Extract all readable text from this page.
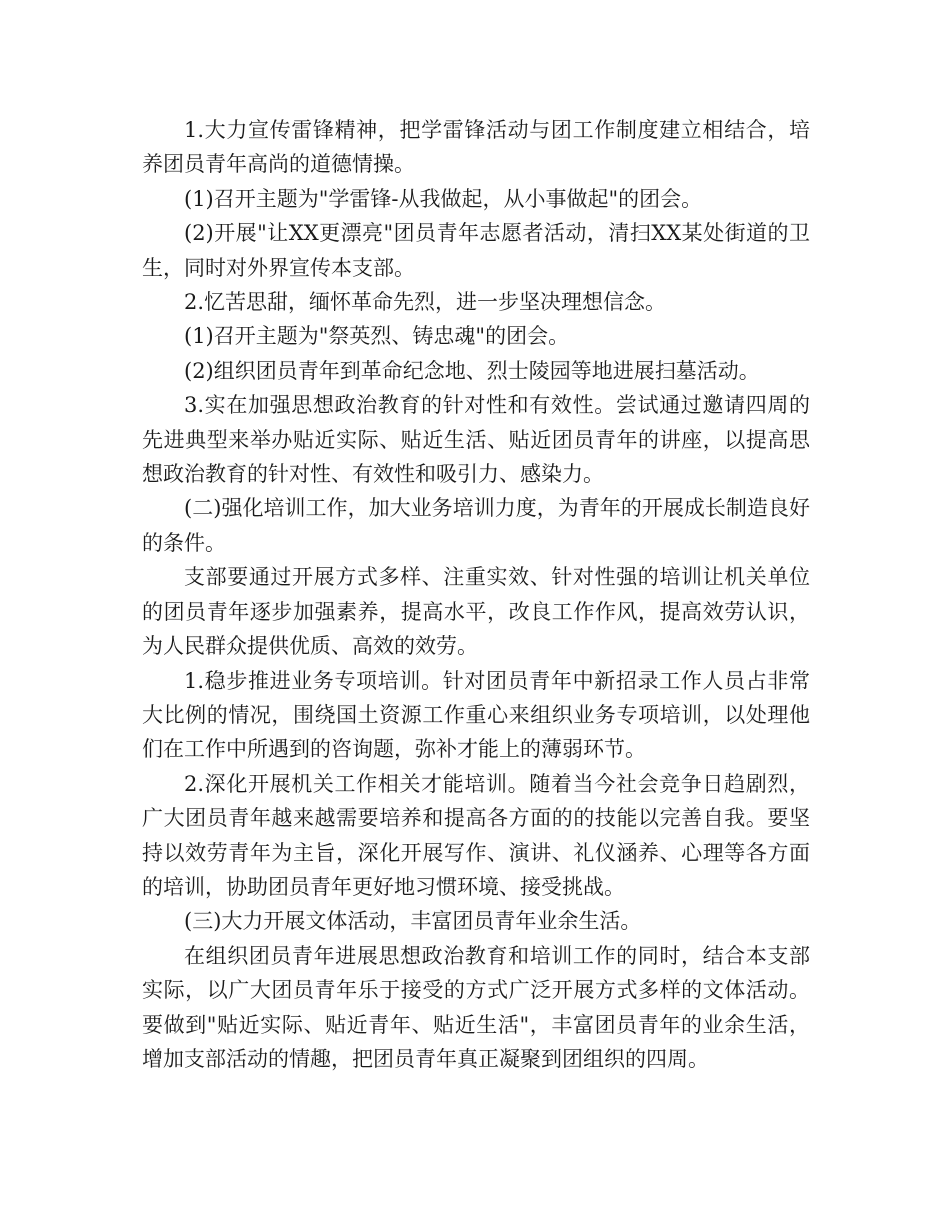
1.大力宣传雷锋精神，把学雷锋活动与团工作制度建立相结合，培养团员青年高尚的道德情操。

(1)召开主题为"学雷锋-从我做起，从小事做起"的团会。

(2)开展"让XX更漂亮"团员青年志愿者活动，清扫XX某处街道的卫生，同时对外界宣传本支部。

2.忆苦思甜，缅怀革命先烈，进一步坚决理想信念。

(1)召开主题为"祭英烈、铸忠魂"的团会。

(2)组织团员青年到革命纪念地、烈士陵园等地进展扫墓活动。

3.实在加强思想政治教育的针对性和有效性。尝试通过邀请四周的先进典型来举办贴近实际、贴近生活、贴近团员青年的讲座，以提高思想政治教育的针对性、有效性和吸引力、感染力。

(二)强化培训工作，加大业务培训力度，为青年的开展成长制造良好的条件。

支部要通过开展方式多样、注重实效、针对性强的培训让机关单位的团员青年逐步加强素养，提高水平，改良工作作风，提高效劳认识，为人民群众提供优质、高效的效劳。

1.稳步推进业务专项培训。针对团员青年中新招录工作人员占非常大比例的情况，围绕国土资源工作重心来组织业务专项培训，以处理他们在工作中所遇到的咨询题，弥补才能上的薄弱环节。

2.深化开展机关工作相关才能培训。随着当今社会竞争日趋剧烈，广大团员青年越来越需要培养和提高各方面的的技能以完善自我。要坚持以效劳青年为主旨，深化开展写作、演讲、礼仪涵养、心理等各方面的培训，协助团员青年更好地习惯环境、接受挑战。

(三)大力开展文体活动，丰富团员青年业余生活。

在组织团员青年进展思想政治教育和培训工作的同时，结合本支部实际，以广大团员青年乐于接受的方式广泛开展方式多样的文体活动。要做到"贴近实际、贴近青年、贴近生活"，丰富团员青年的业余生活，增加支部活动的情趣，把团员青年真正凝聚到团组织的四周。
